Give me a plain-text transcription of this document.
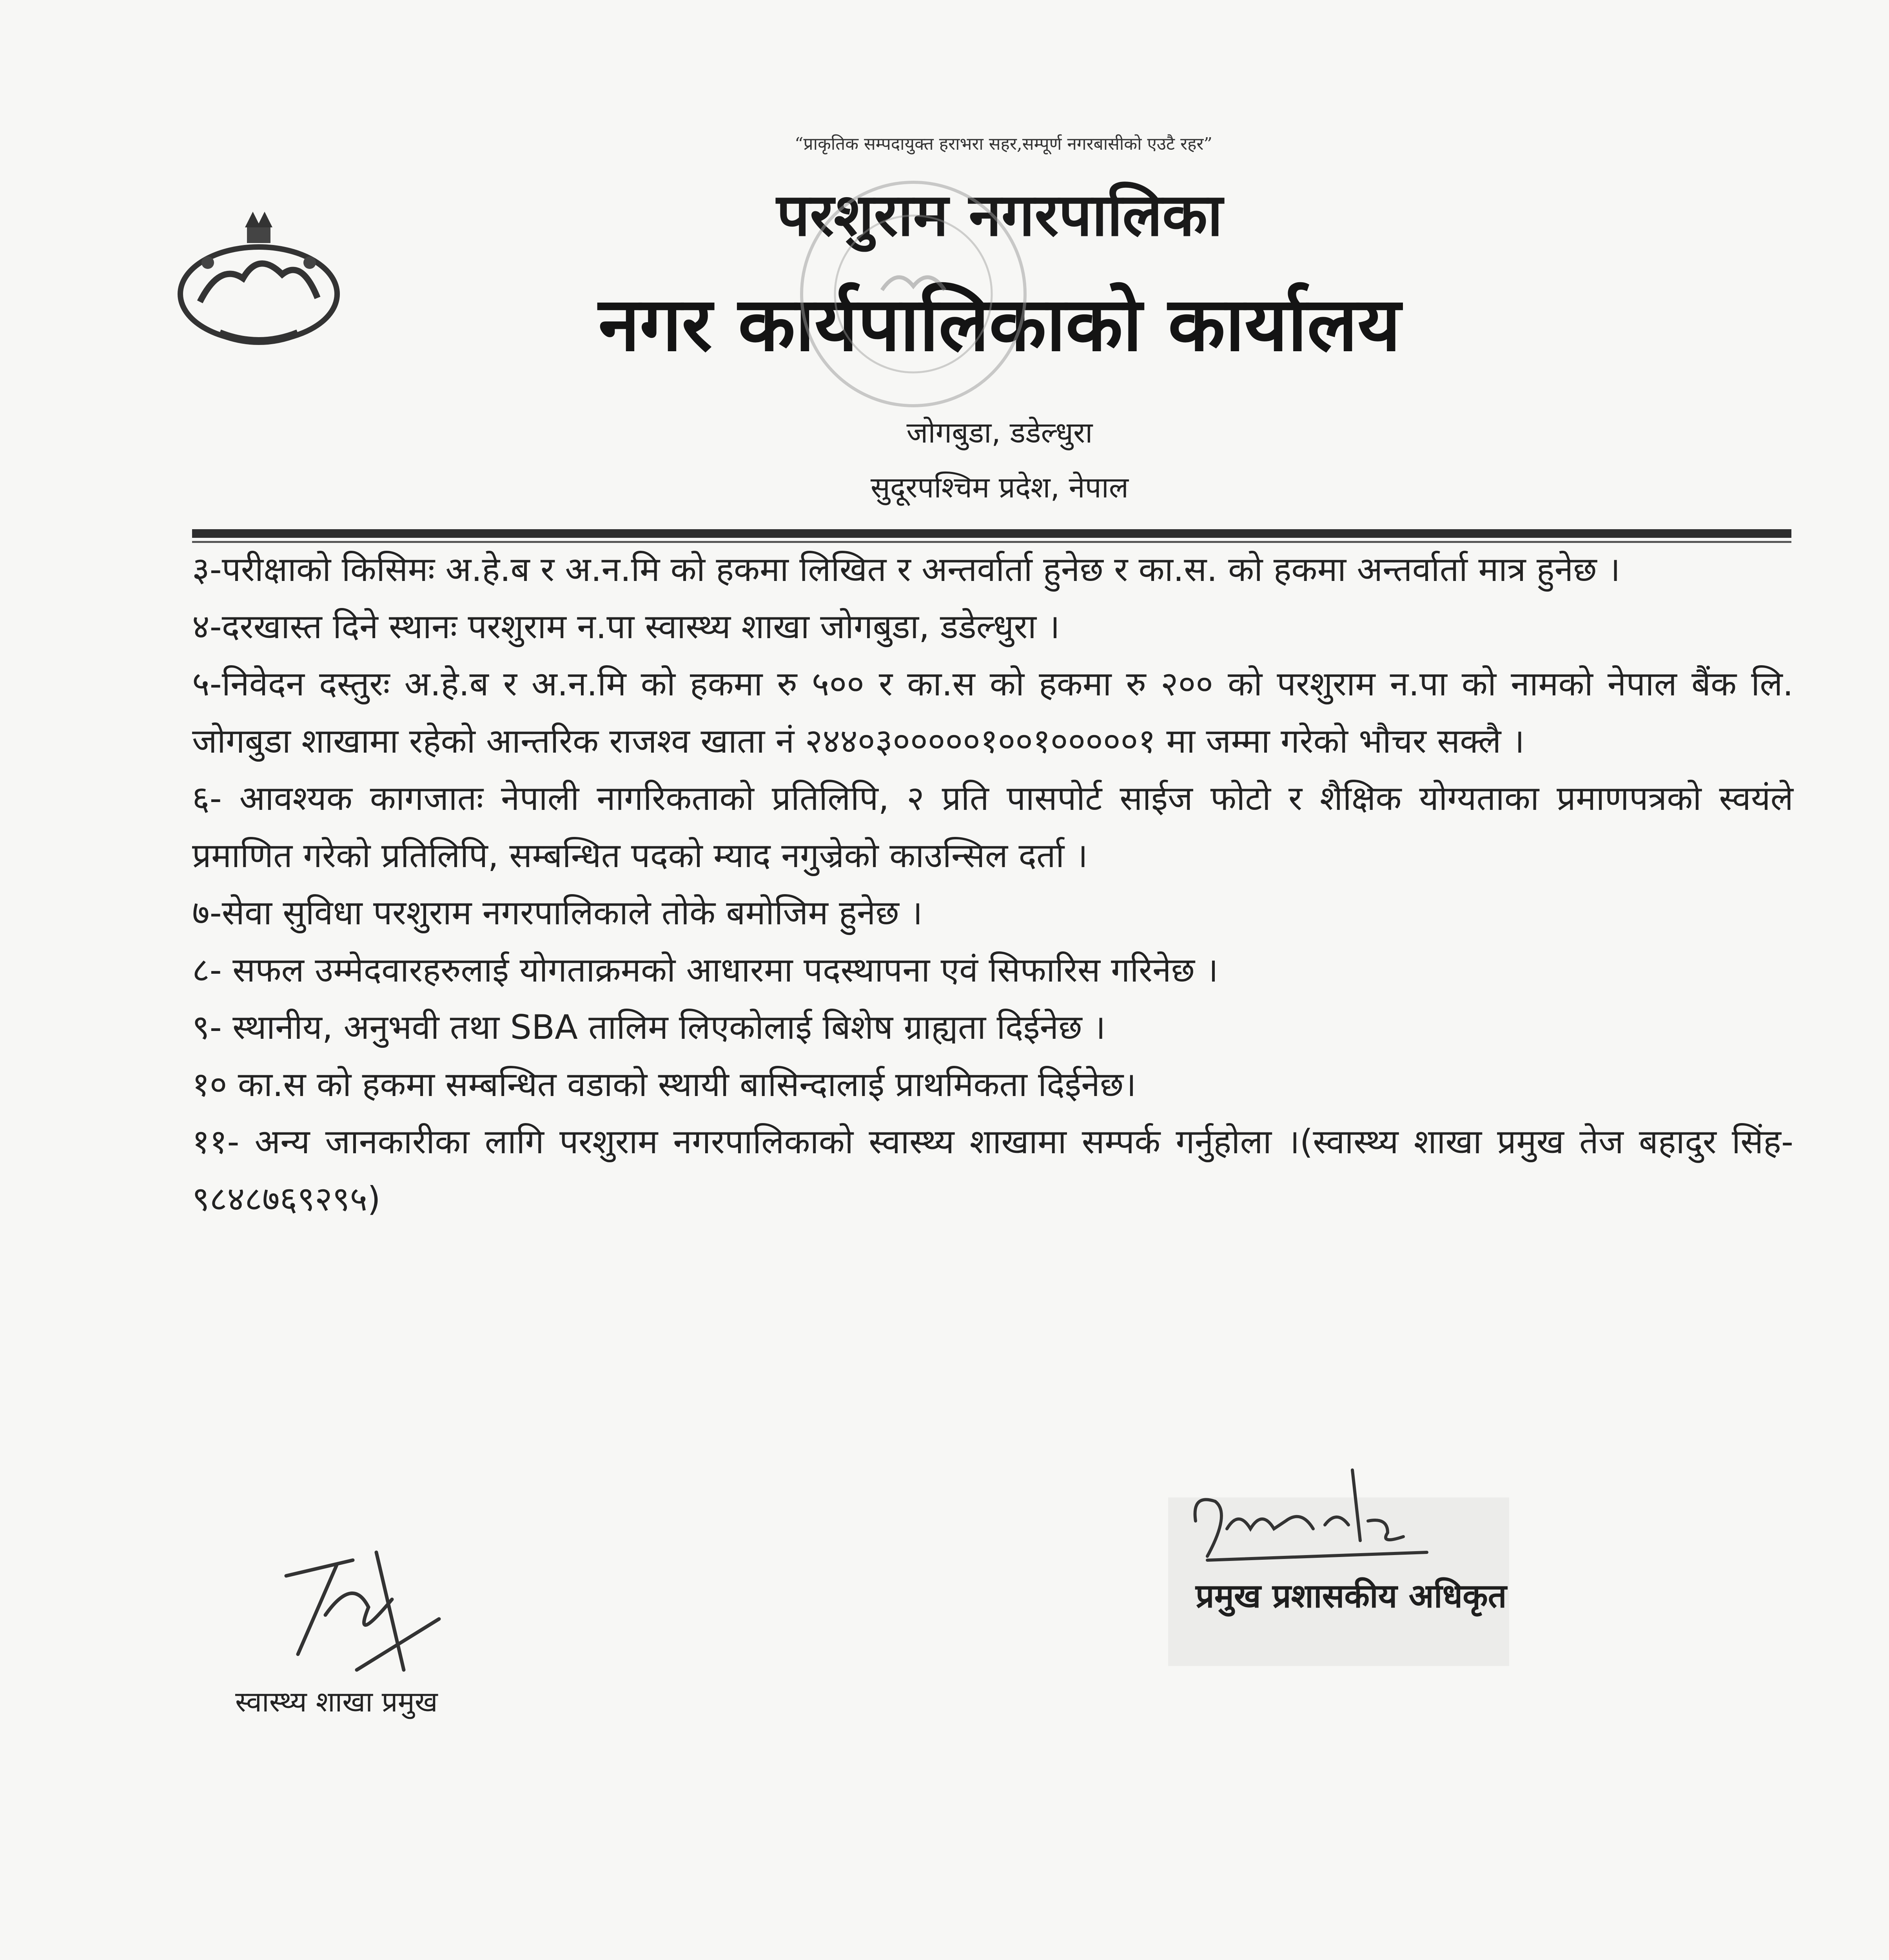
“प्राकृतिक सम्पदायुक्त हराभरा सहर,सम्पूर्ण नगरबासीको एउटै रहर”
परशुराम नगरपालिका
नगर कार्यपालिकाको कार्यालय
जोगबुडा, डडेल्धुरा
सुदूरपश्चिम प्रदेश, नेपाल

३-परीक्षाको किसिमः अ.हे.ब र अ.न.मि को हकमा लिखित र अन्तर्वार्ता हुनेछ र का.स. को हकमा अन्तर्वार्ता मात्र हुनेछ ।

४-दरखास्त दिने स्थानः परशुराम न.पा स्वास्थ्य शाखा जोगबुडा, डडेल्धुरा ।

५-निवेदन दस्तुरः अ.हे.ब र अ.न.मि को हकमा रु ५०० र का.स को हकमा रु २०० को परशुराम न.पा को नामको नेपाल बैंक लि. जोगबुडा शाखामा रहेको आन्तरिक राजश्व खाता नं २४४०३०००००१००१०००००१ मा जम्मा गरेको भौचर सक्लै ।

६- आवश्यक कागजातः नेपाली नागरिकताको प्रतिलिपि, २ प्रति पासपोर्ट साईज फोटो र शैक्षिक योग्यताका प्रमाणपत्रको स्वयंले प्रमाणित गरेको प्रतिलिपि, सम्बन्धित पदको म्याद नगुज्रेको काउन्सिल दर्ता ।

७-सेवा सुविधा परशुराम नगरपालिकाले तोके बमोजिम हुनेछ ।

८- सफल उम्मेदवारहरुलाई योगताक्रमको आधारमा पदस्थापना एवं सिफारिस गरिनेछ ।

९- स्थानीय, अनुभवी तथा SBA तालिम लिएकोलाई बिशेष ग्राह्यता दिईनेछ ।

१० का.स को हकमा सम्बन्धित वडाको स्थायी बासिन्दालाई प्राथमिकता दिईनेछ।

११- अन्य जानकारीका लागि परशुराम नगरपालिकाको स्वास्थ्य शाखामा सम्पर्क गर्नुहोला ।(स्वास्थ्य शाखा प्रमुख तेज बहादुर सिंह- ९८४८७६९२९५)

स्वास्थ्य शाखा प्रमुख
प्रमुख प्रशासकीय अधिकृत
